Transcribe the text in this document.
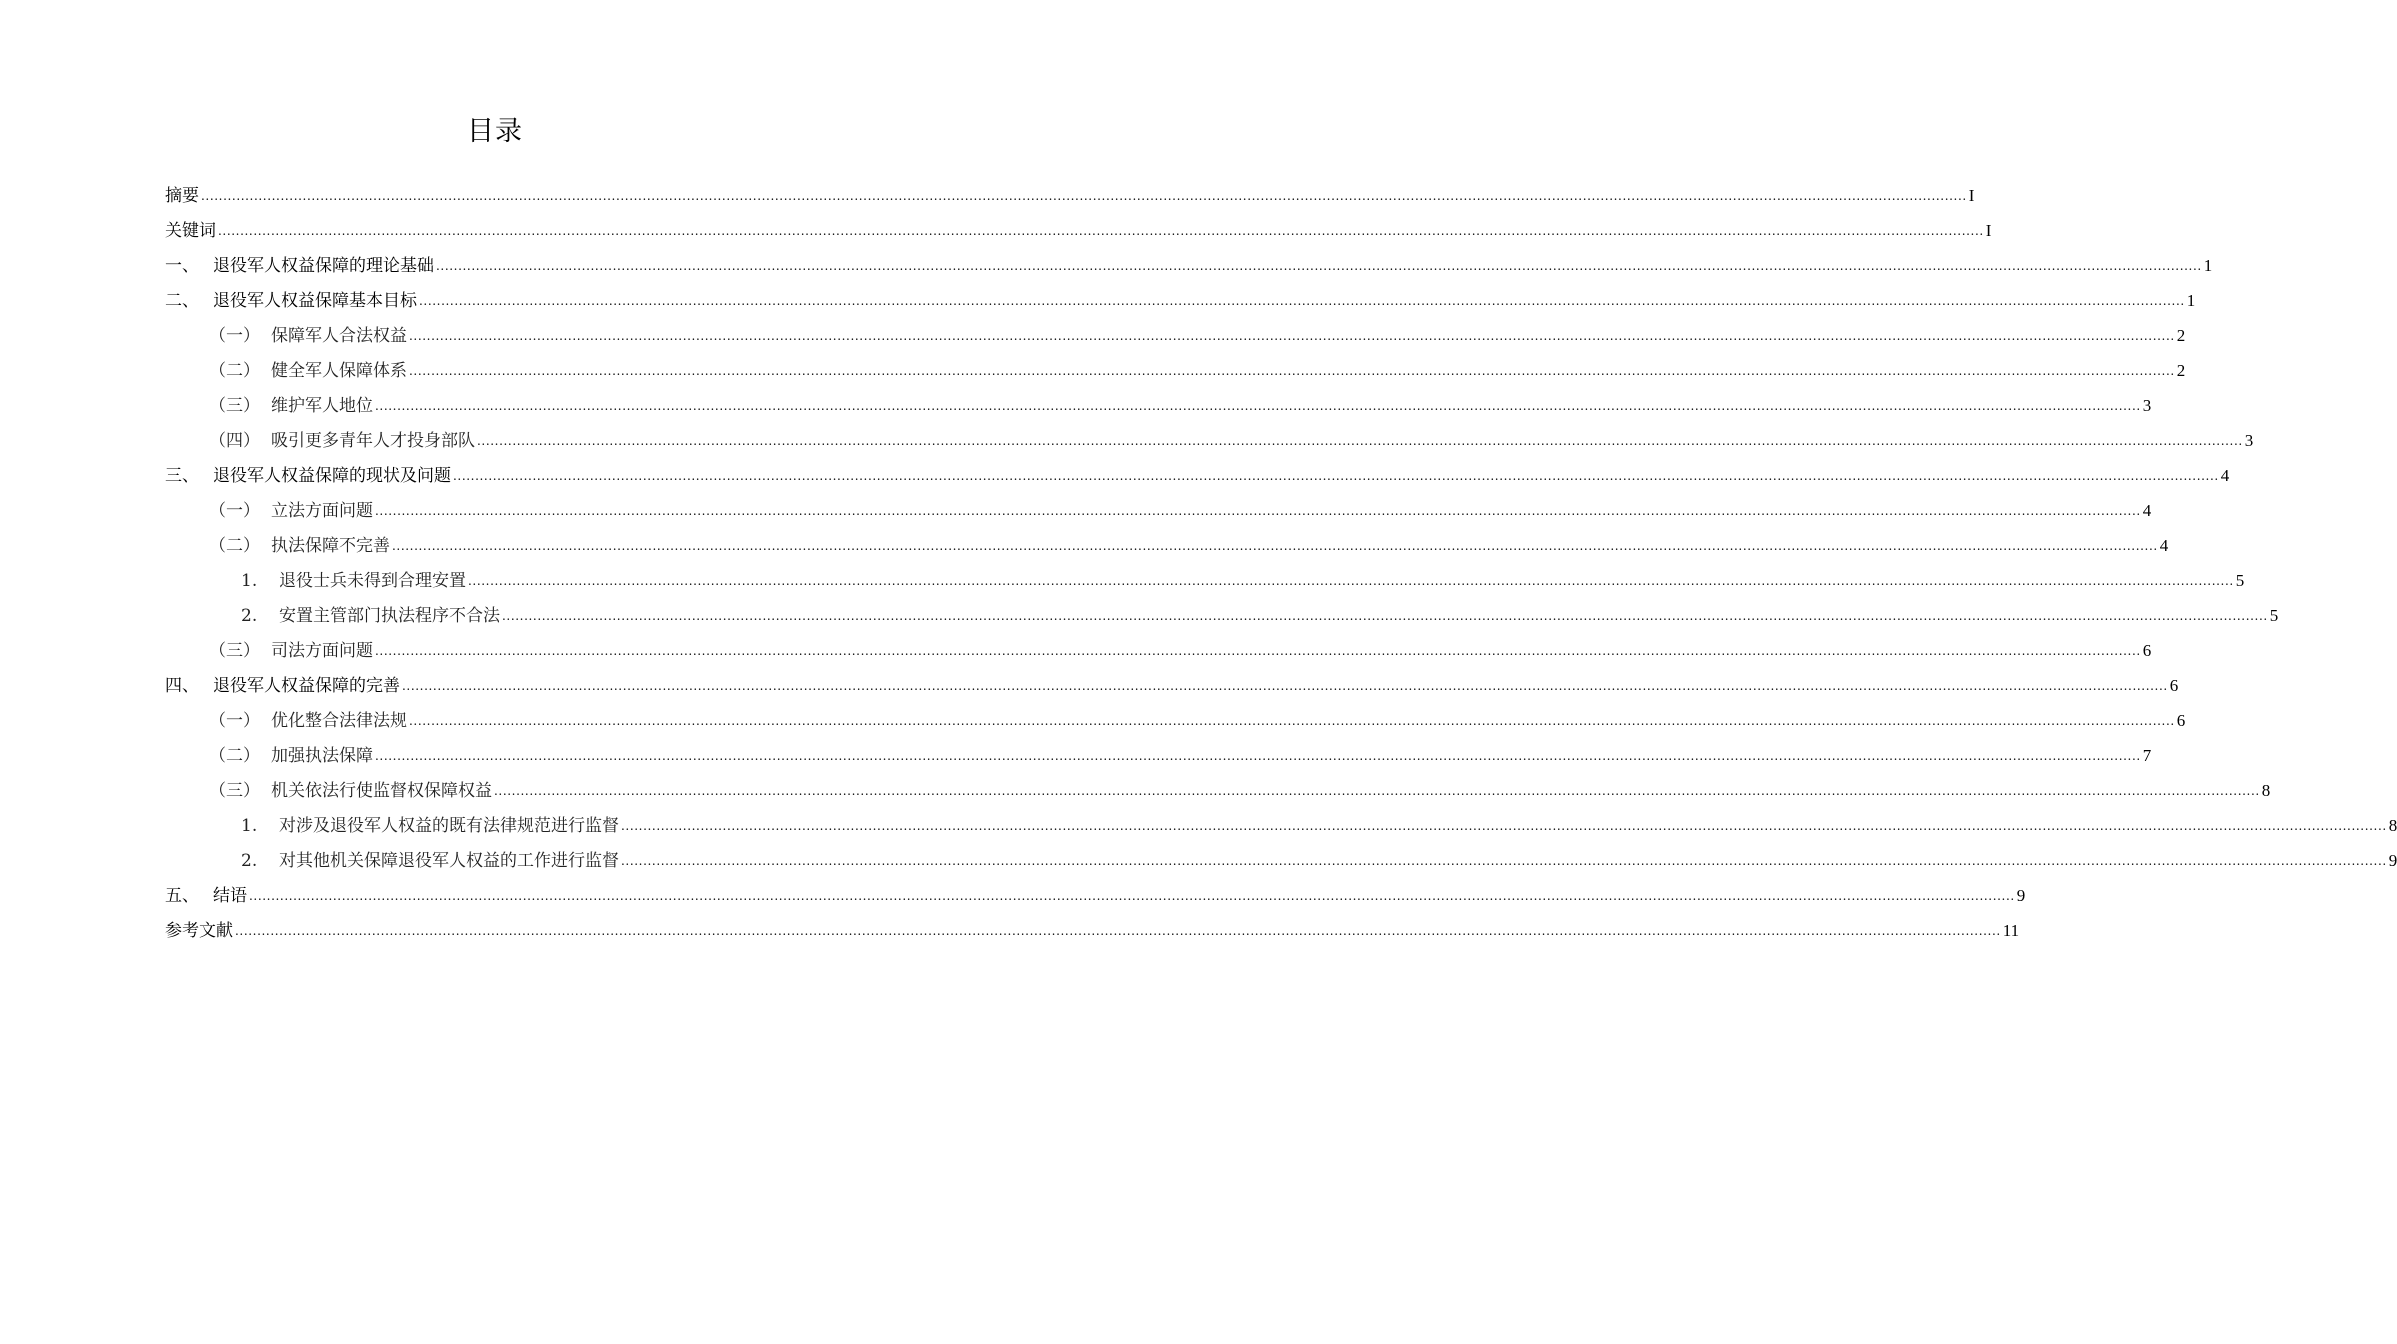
目录
摘要 ................................................................................................................................................................................................................................................................................................................................................................................................................ I
关键词 ................................................................................................................................................................................................................................................................................................................................................................................................................ I
一、 退役军人权益保障的理论基础 ................................................................................................................................................................................................................................................................................................................................................................................................................ 1
二、 退役军人权益保障基本目标 ................................................................................................................................................................................................................................................................................................................................................................................................................ 1
（一） 保障军人合法权益 ................................................................................................................................................................................................................................................................................................................................................................................................................ 2
（二） 健全军人保障体系 ................................................................................................................................................................................................................................................................................................................................................................................................................ 2
（三） 维护军人地位 ................................................................................................................................................................................................................................................................................................................................................................................................................ 3
（四） 吸引更多青年人才投身部队 ................................................................................................................................................................................................................................................................................................................................................................................................................ 3
三、 退役军人权益保障的现状及问题 ................................................................................................................................................................................................................................................................................................................................................................................................................ 4
（一） 立法方面问题 ................................................................................................................................................................................................................................................................................................................................................................................................................ 4
（二） 执法保障不完善 ................................................................................................................................................................................................................................................................................................................................................................................................................ 4
1.	退役士兵未得到合理安置 ................................................................................................................................................................................................................................................................................................................................................................................................................ 5
2.	安置主管部门执法程序不合法 ................................................................................................................................................................................................................................................................................................................................................................................................................ 5
（三） 司法方面问题 ................................................................................................................................................................................................................................................................................................................................................................................................................ 6
四、 退役军人权益保障的完善 ................................................................................................................................................................................................................................................................................................................................................................................................................ 6
（一） 优化整合法律法规 ................................................................................................................................................................................................................................................................................................................................................................................................................ 6
（二） 加强执法保障 ................................................................................................................................................................................................................................................................................................................................................................................................................ 7
（三） 机关依法行使监督权保障权益 ................................................................................................................................................................................................................................................................................................................................................................................................................ 8
1.	对涉及退役军人权益的既有法律规范进行监督 ................................................................................................................................................................................................................................................................................................................................................................................................................ 8
2.	对其他机关保障退役军人权益的工作进行监督 ................................................................................................................................................................................................................................................................................................................................................................................................................ 9
五、 结语 ................................................................................................................................................................................................................................................................................................................................................................................................................ 9
参考文献 ................................................................................................................................................................................................................................................................................................................................................................................................................ 11
